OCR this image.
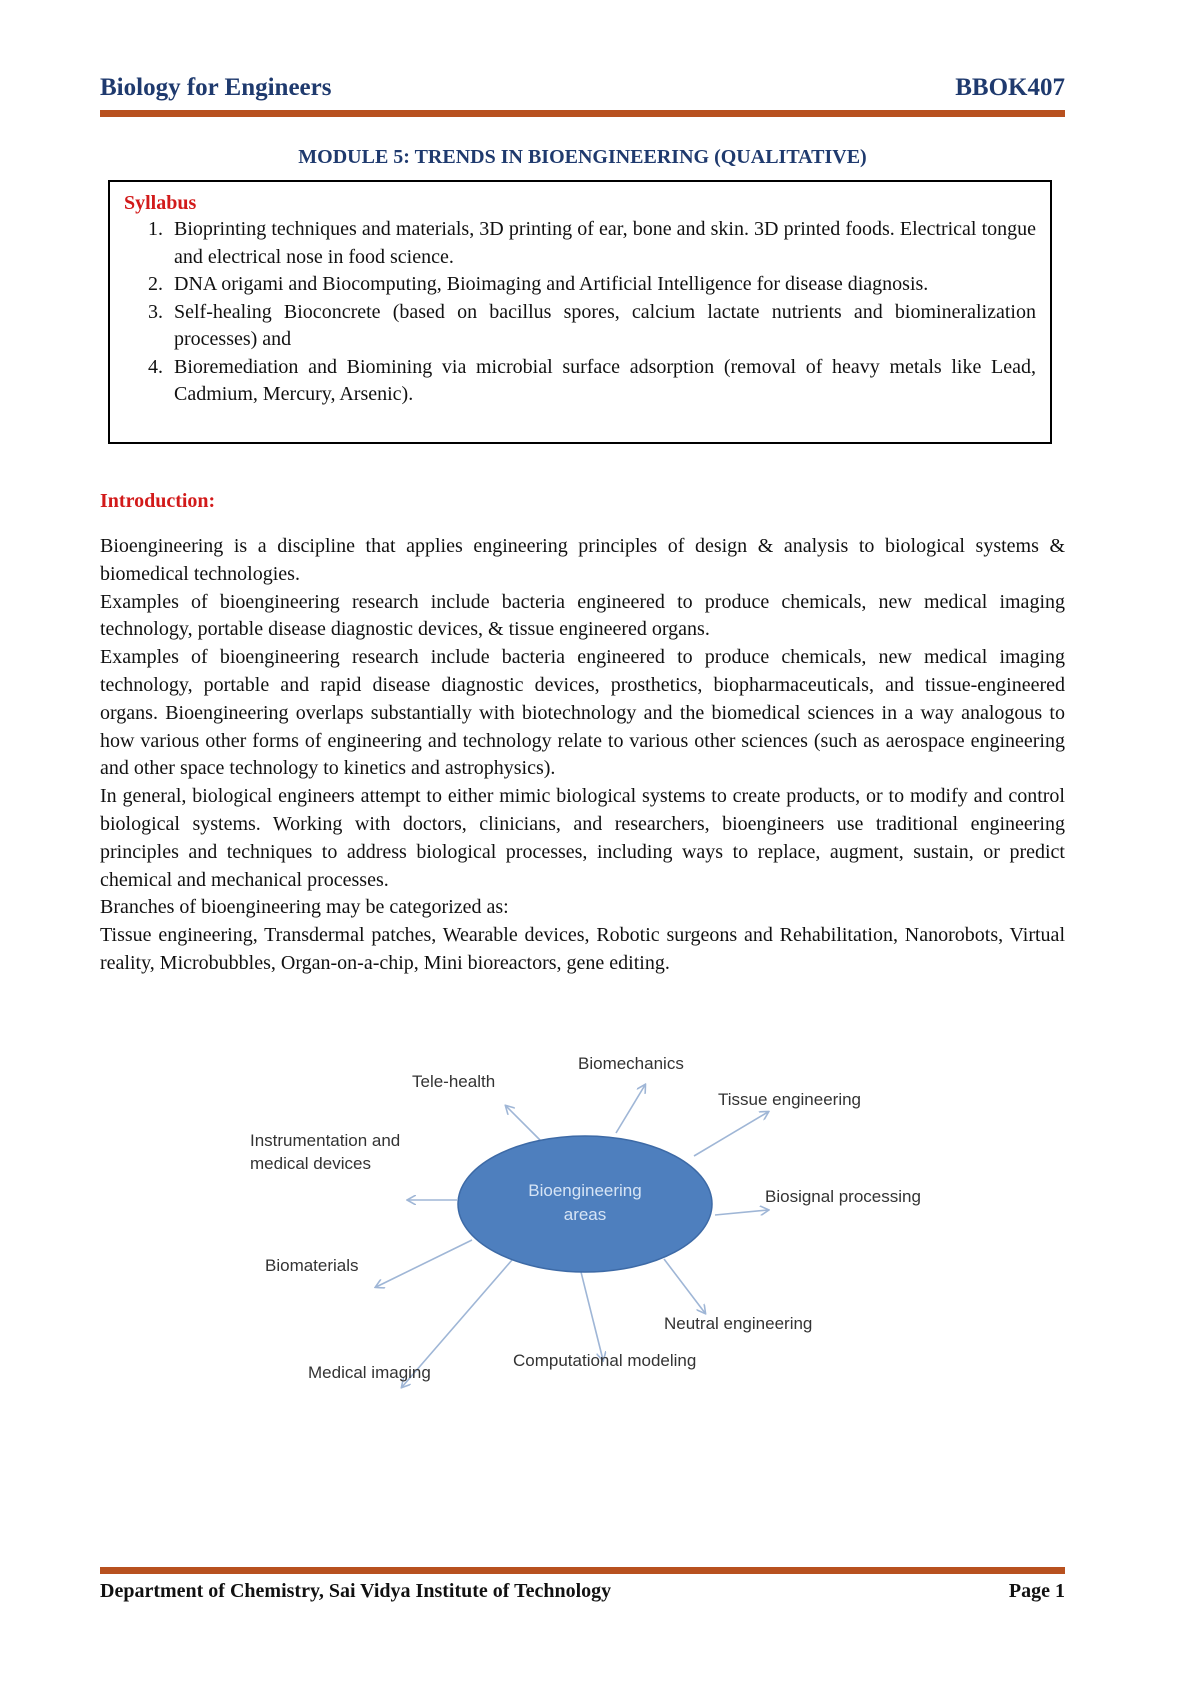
Biology for Engineers	BBOK407
MODULE 5: TRENDS IN BIOENGINEERING (QUALITATIVE)
Syllabus
1. Bioprinting techniques and materials, 3D printing of ear, bone and skin. 3D printed foods. Electrical tongue and electrical nose in food science.
2. DNA origami and Biocomputing, Bioimaging and Artificial Intelligence for disease diagnosis.
3. Self-healing Bioconcrete (based on bacillus spores, calcium lactate nutrients and biomineralization processes) and
4. Bioremediation and Biomining via microbial surface adsorption (removal of heavy metals like Lead, Cadmium, Mercury, Arsenic).
Introduction:

Bioengineering is a discipline that applies engineering principles of design & analysis to biological systems & biomedical technologies.

Examples of bioengineering research include bacteria engineered to produce chemicals, new medical imaging technology, portable disease diagnostic devices, & tissue engineered organs.

Examples of bioengineering research include bacteria engineered to produce chemicals, new medical imaging technology, portable and rapid disease diagnostic devices, prosthetics, biopharmaceuticals, and tissue-engineered organs. Bioengineering overlaps substantially with biotechnology and the biomedical sciences in a way analogous to how various other forms of engineering and technology relate to various other sciences (such as aerospace engineering and other space technology to kinetics and astrophysics).

In general, biological engineers attempt to either mimic biological systems to create products, or to modify and control biological systems. Working with doctors, clinicians, and researchers, bioengineers use traditional engineering principles and techniques to address biological processes, including ways to replace, augment, sustain, or predict chemical and mechanical processes.

Branches of bioengineering may be categorized as:

Tissue engineering, Transdermal patches, Wearable devices, Robotic surgeons and Rehabilitation, Nanorobots, Virtual reality, Microbubbles, Organ-on-a-chip, Mini bioreactors, gene editing.

Bioengineering
areas
Tele-health
Biomechanics
Tissue engineering
Instrumentation and
medical devices
Biosignal processing
Biomaterials
Neutral engineering
Computational modeling
Medical imaging
Department of Chemistry, Sai Vidya Institute of Technology	Page 1
